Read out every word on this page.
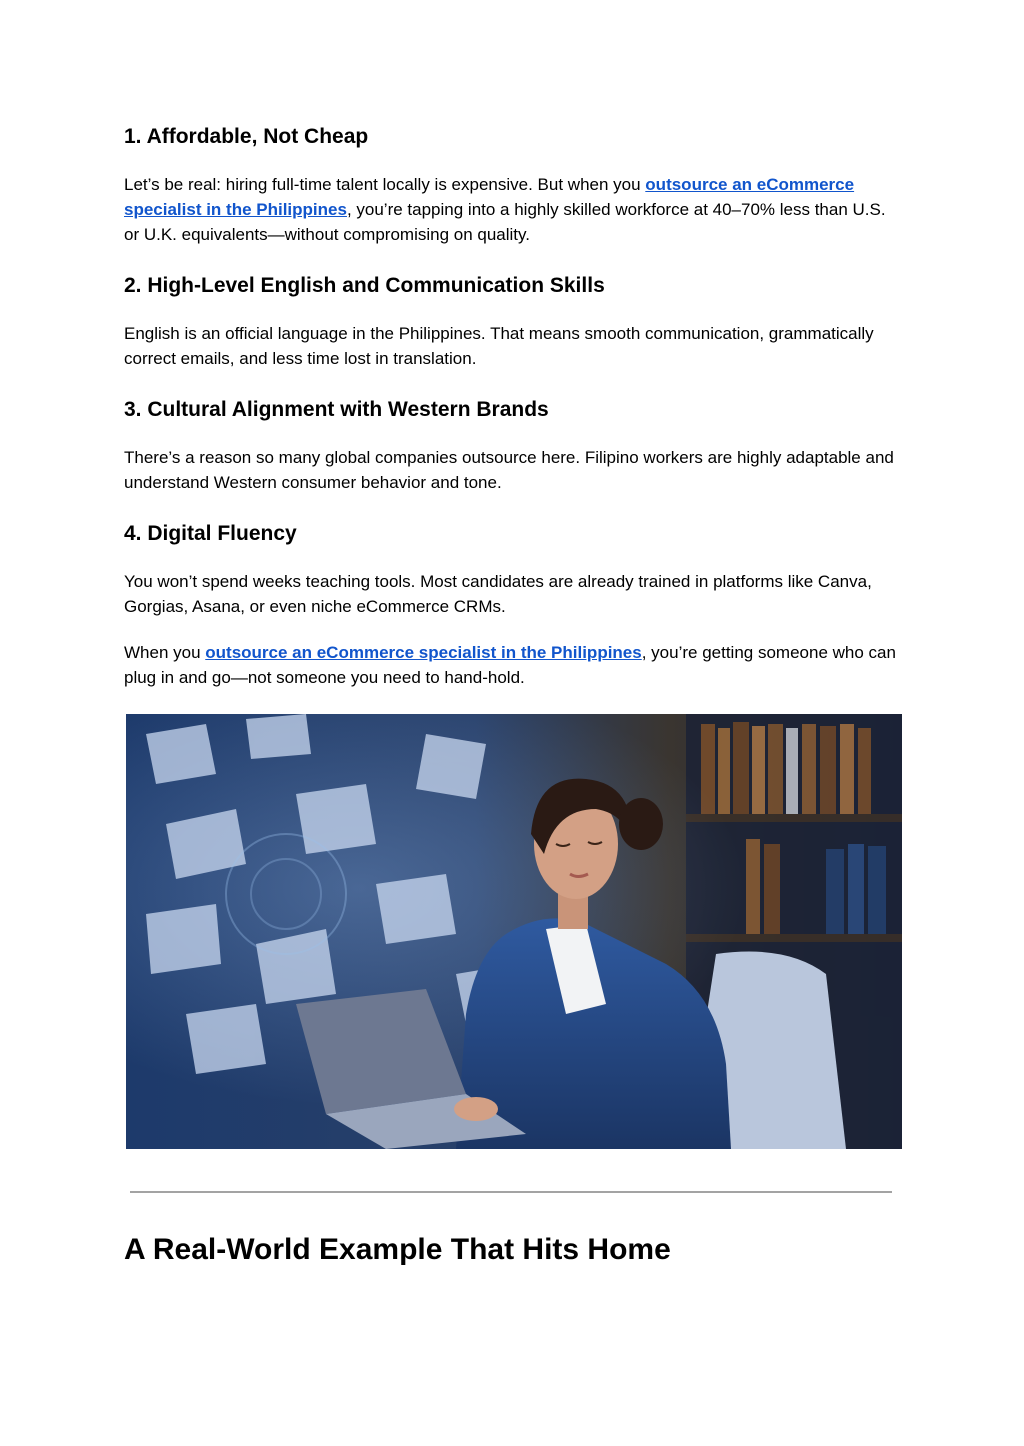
1. Affordable, Not Cheap

Let’s be real: hiring full-time talent locally is expensive. But when you outsource an eCommerce specialist in the Philippines, you’re tapping into a highly skilled workforce at 40–70% less than U.S. or U.K. equivalents—without compromising on quality.

2. High-Level English and Communication Skills

English is an official language in the Philippines. That means smooth communication, grammatically correct emails, and less time lost in translation.

3. Cultural Alignment with Western Brands

There’s a reason so many global companies outsource here. Filipino workers are highly adaptable and understand Western consumer behavior and tone.

4. Digital Fluency

You won’t spend weeks teaching tools. Most candidates are already trained in platforms like Canva, Gorgias, Asana, or even niche eCommerce CRMs.

When you outsource an eCommerce specialist in the Philippines, you’re getting someone who can plug in and go—not someone you need to hand-hold.

A Real-World Example That Hits Home
